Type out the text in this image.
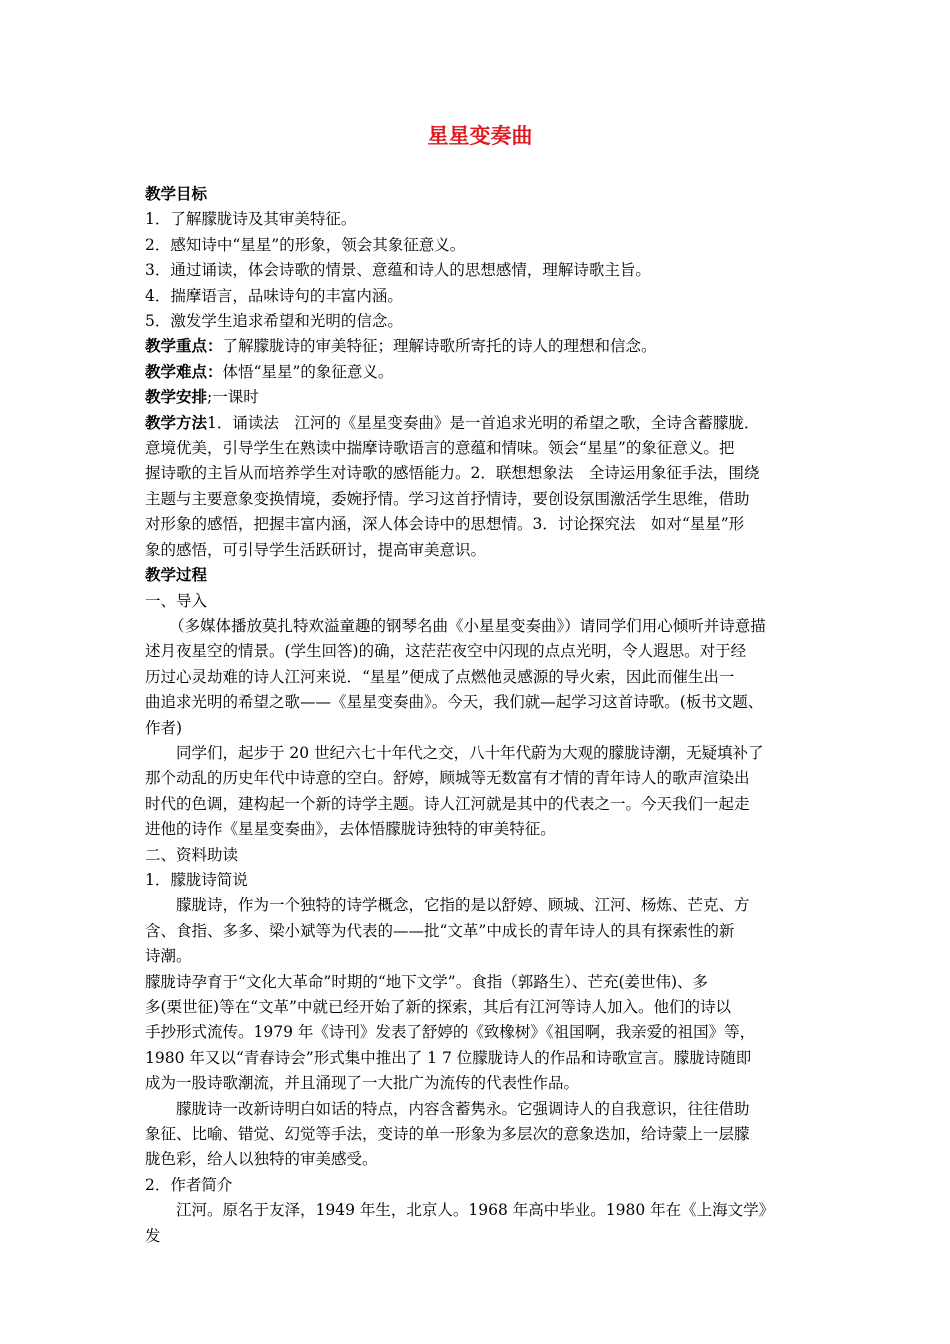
星星变奏曲
教学目标
1．了解朦胧诗及其审美特征。
2．感知诗中“星星”的形象，领会其象征意义。
3．通过诵读，体会诗歌的情景、意蕴和诗人的思想感情，理解诗歌主旨。
4．揣摩语言，品味诗句的丰富内涵。
5．激发学生追求希望和光明的信念。
教学重点：了解朦胧诗的审美特征；理解诗歌所寄托的诗人的理想和信念。
教学难点：体悟“星星”的象征意义。
教学安排;一课时
教学方法1．诵读法　江河的《星星变奏曲》是一首追求光明的希望之歌，全诗含蓄朦胧．
意境优美，引导学生在熟读中揣摩诗歌语言的意蕴和情味。领会“星星”的象征意义。把
握诗歌的主旨从而培养学生对诗歌的感悟能力。2．联想想象法　全诗运用象征手法，围绕
主题与主要意象变换情境，委婉抒情。学习这首抒情诗，要创设氛围激活学生思维，借助
对形象的感悟，把握丰富内涵，深人体会诗中的思想情。3．讨论探究法　如对“星星”形
象的感悟，可引导学生活跃研讨，提高审美意识。
教学过程
一、导入
（多媒体播放莫扎特欢溢童趣的钢琴名曲《小星星变奏曲》）请同学们用心倾听并诗意描
述月夜星空的情景。(学生回答)的确，这茫茫夜空中闪现的点点光明，令人遐思。对于经
历过心灵劫难的诗人江河来说．“星星”便成了点燃他灵感源的导火索，因此而催生出一
曲追求光明的希望之歌——《星星变奏曲》。今天，我们就—起学习这首诗歌。(板书文题、
作者)
同学们，起步于 20 世纪六七十年代之交，八十年代蔚为大观的朦胧诗潮，无疑填补了
那个动乱的历史年代中诗意的空白。舒婷，顾城等无数富有才情的青年诗人的歌声渲染出
时代的色调，建构起一个新的诗学主题。诗人江河就是其中的代表之一。今天我们一起走
进他的诗作《星星变奏曲》，去体悟朦胧诗独特的审美特征。
二、资料助读
1．朦胧诗简说
朦胧诗，作为一个独特的诗学概念，它指的是以舒婷、顾城、江河、杨炼、芒克、方
含、食指、多多、梁小斌等为代表的——批“文革”中成长的青年诗人的具有探索性的新
诗潮。
朦胧诗孕育于“文化大革命”时期的“地下文学”。食指（郭路生）、芒充(姜世伟)、多
多(栗世征)等在“文革”中就已经开始了新的探索，其后有江河等诗人加入。他们的诗以
手抄形式流传。1979 年《诗刊》发表了舒婷的《致橡树》《祖国啊，我亲爱的祖国》等，
1980 年又以“青春诗会”形式集中推出了 1 7 位朦胧诗人的作品和诗歌宣言。朦胧诗随即
成为一股诗歌潮流，并且涌现了一大批广为流传的代表性作品。
朦胧诗一改新诗明白如话的特点，内容含蓄隽永。它强调诗人的自我意识，往往借助
象征、比喻、错觉、幻觉等手法，变诗的单一形象为多层次的意象迭加，给诗蒙上一层朦
胧色彩，给人以独特的审美感受。
2．作者简介
江河。原名于友泽，1949 年生，北京人。1968 年高中毕业。1980 年在《上海文学》
发
